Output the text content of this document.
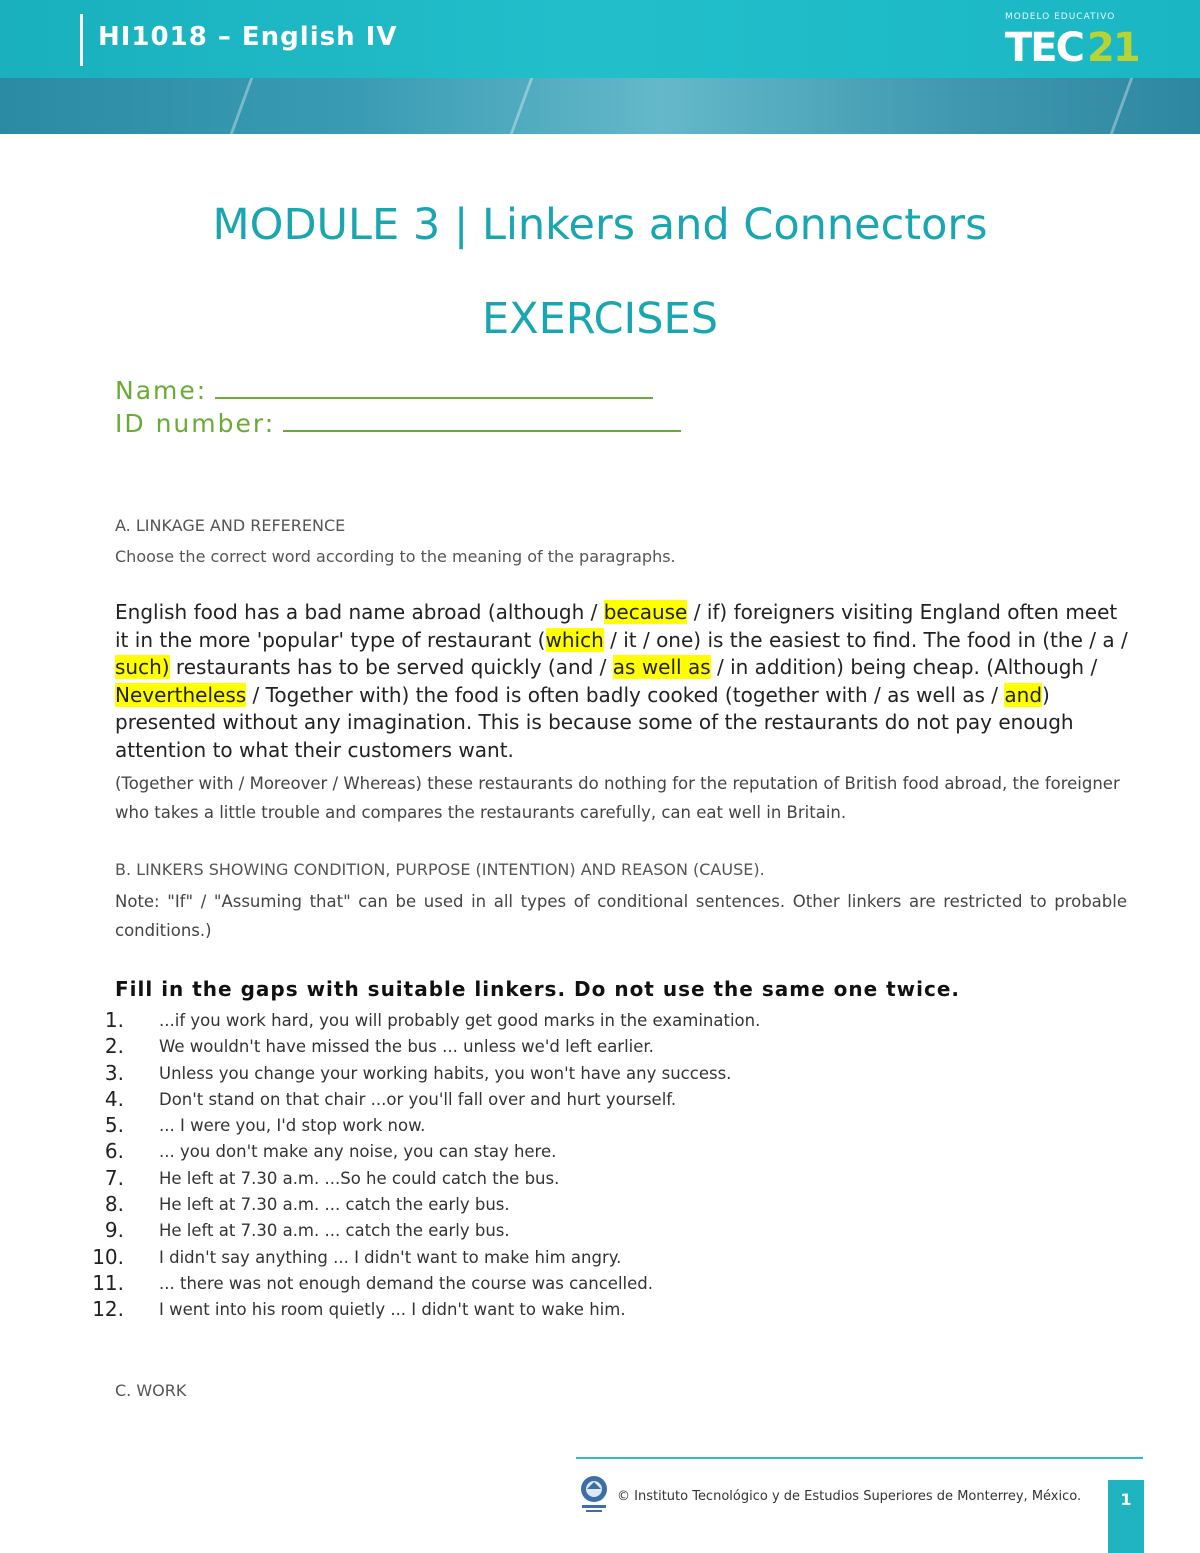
HI1018 – English IV
MODELO EDUCATIVO
TEC 21
MODULE 3 | Linkers and Connectors
EXERCISES
Name:
ID number:
A. LINKAGE AND REFERENCE
Choose the correct word according to the meaning of the paragraphs.
English food has a bad name abroad (although / because / if) foreigners visiting England often meet it in the more 'popular' type of restaurant (which / it / one) is the easiest to find. The food in (the / a / such) restaurants has to be served quickly (and / as well as / in addition) being cheap. (Although / Nevertheless / Together with) the food is often badly cooked (together with / as well as / and) presented without any imagination. This is because some of the restaurants do not pay enough attention to what their customers want.
(Together with / Moreover / Whereas) these restaurants do nothing for the reputation of British food abroad, the foreigner who takes a little trouble and compares the restaurants carefully, can eat well in Britain.
B. LINKERS SHOWING CONDITION, PURPOSE (INTENTION) AND REASON (CAUSE).
Note: "If" / "Assuming that" can be used in all types of conditional sentences. Other linkers are restricted to probable conditions.)
Fill in the gaps with suitable linkers. Do not use the same one twice.
1. ...if you work hard, you will probably get good marks in the examination.
2. We wouldn't have missed the bus ... unless we'd left earlier.
3. Unless you change your working habits, you won't have any success.
4. Don't stand on that chair ...or you'll fall over and hurt yourself.
5. ... I were you, I'd stop work now.
6. ... you don't make any noise, you can stay here.
7. He left at 7.30 a.m. ...So he could catch the bus.
8. He left at 7.30 a.m. ... catch the early bus.
9. He left at 7.30 a.m. ... catch the early bus.
10. I didn't say anything ... I didn't want to make him angry.
11. ... there was not enough demand the course was cancelled.
12. I went into his room quietly ... I didn't want to wake him.
C. WORK
© Instituto Tecnológico y de Estudios Superiores de Monterrey, México.	1
